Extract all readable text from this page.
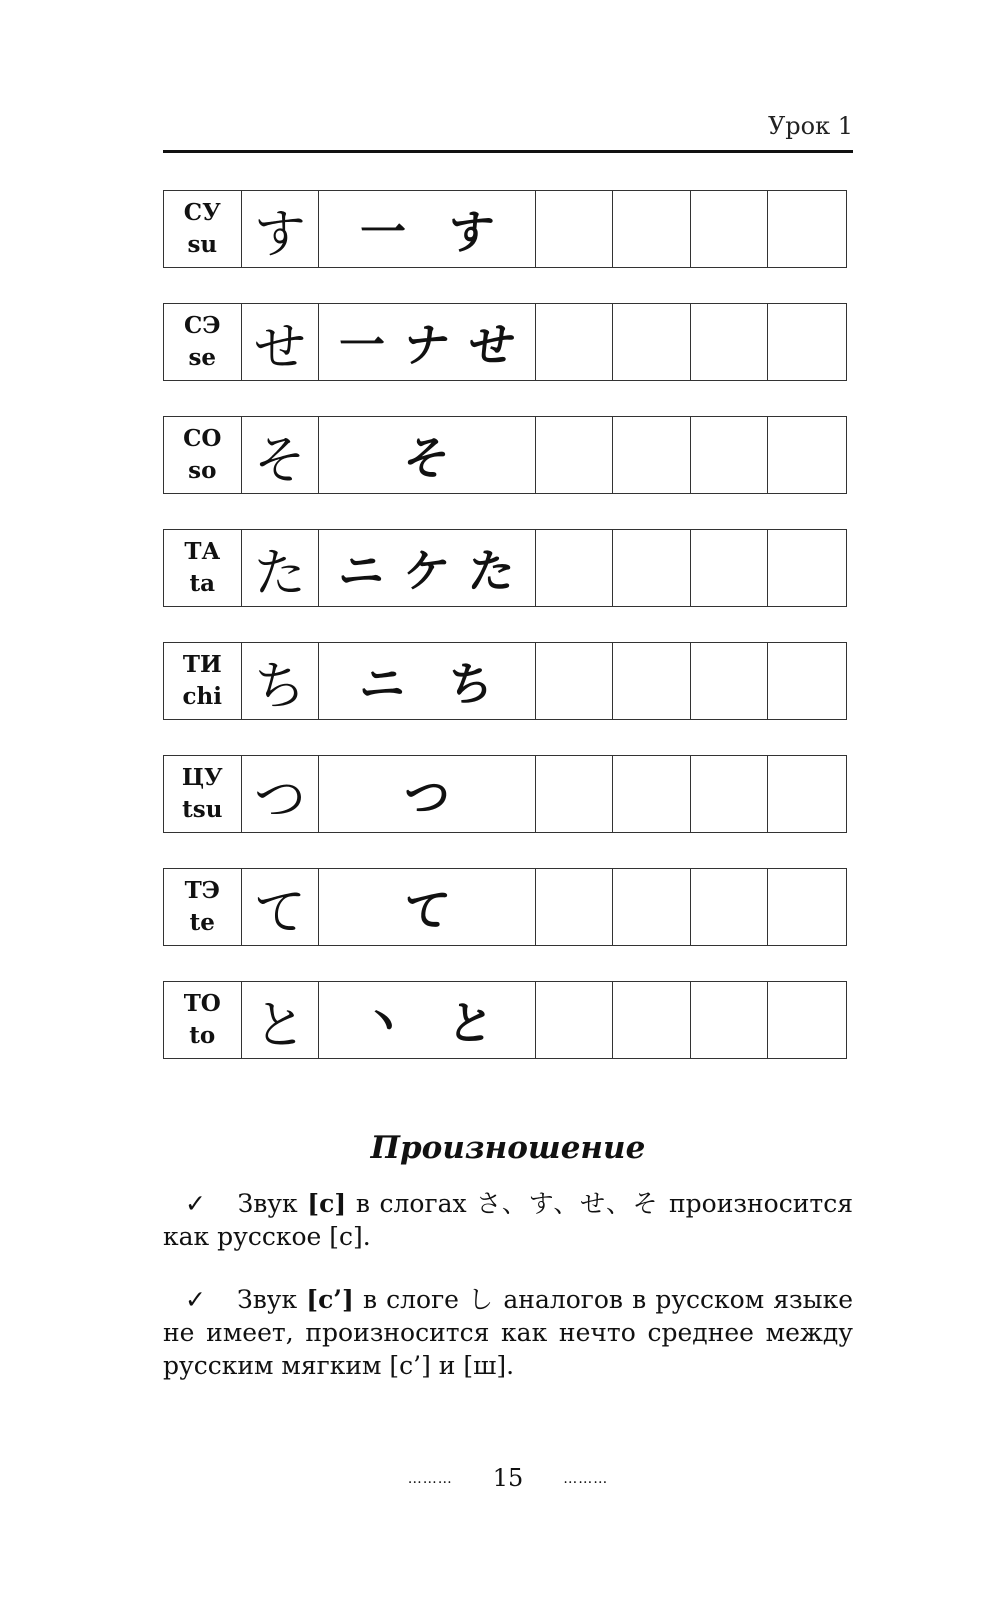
Урок 1
СУ
su す 一 す
СЭ
se せ 一 ナ せ
СО
so そ そ
ТА
ta た ニ ケ た
ТИ
chi ち ニ ち
ЦУ
tsu つ つ
ТЭ
te て て
ТО
to と 丶 と
Произношение

✓ Звук [с] в слогах さ、す、せ、そ произносится как русское [с].

✓ Звук [с’] в слоге し аналогов в русском языке не имеет, произносится как нечто среднее между русским мягким [с’] и [ш].

……… 15	………
